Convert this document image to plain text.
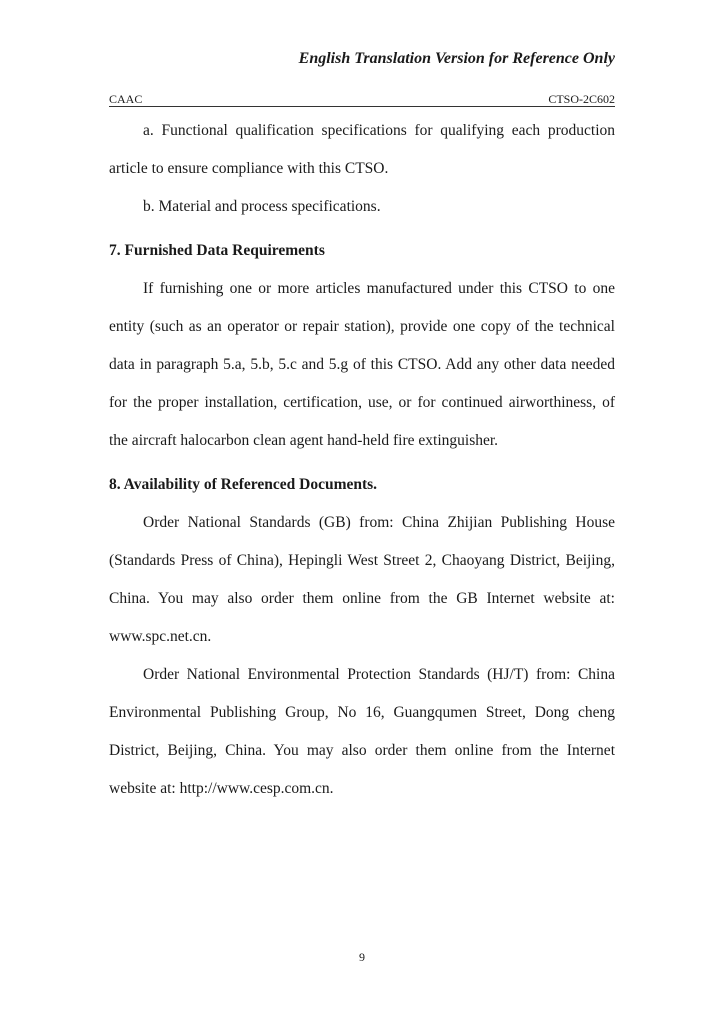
English Translation Version for Reference Only
CAAC	CTSO-2C602

a. Functional qualification specifications for qualifying each production article to ensure compliance with this CTSO.

b. Material and process specifications.

7. Furnished Data Requirements

If furnishing one or more articles manufactured under this CTSO to one entity (such as an operator or repair station), provide one copy of the technical data in paragraph 5.a, 5.b, 5.c and 5.g of this CTSO. Add any other data needed for the proper installation, certification, use, or for continued airworthiness, of the aircraft halocarbon clean agent hand-held fire extinguisher.

8. Availability of Referenced Documents.

Order National Standards (GB) from: China Zhijian Publishing House (Standards Press of China), Hepingli West Street 2, Chaoyang District, Beijing, China. You may also order them online from the GB Internet website at: www.spc.net.cn.

Order National Environmental Protection Standards (HJ/T) from: China Environmental Publishing Group, No 16, Guangqumen Street, Dong cheng District, Beijing, China. You may also order them online from the Internet website at: http://www.cesp.com.cn.

9
